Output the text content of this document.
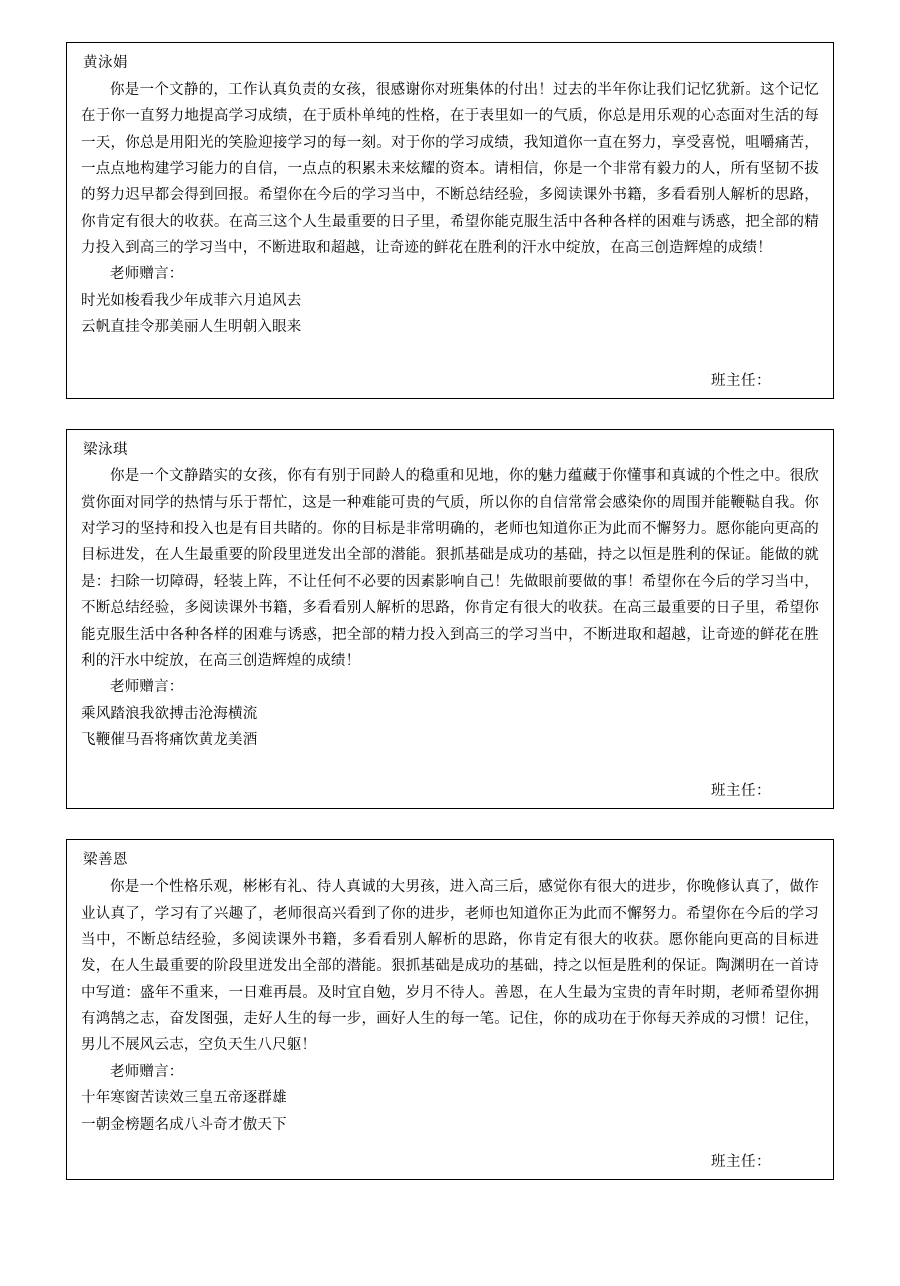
黄泳娟

你是一个文静的，工作认真负责的女孩，很感谢你对班集体的付出！过去的半年你让我们记忆犹新。这个记忆在于你一直努力地提高学习成绩，在于质朴单纯的性格，在于表里如一的气质，你总是用乐观的心态面对生活的每一天，你总是用阳光的笑脸迎接学习的每一刻。对于你的学习成绩，我知道你一直在努力，享受喜悦，咀嚼痛苦，一点点地构建学习能力的自信，一点点的积累未来炫耀的资本。请相信，你是一个非常有毅力的人，所有坚韧不拔的努力迟早都会得到回报。希望你在今后的学习当中，不断总结经验，多阅读课外书籍，多看看别人解析的思路，你肯定有很大的收获。在高三这个人生最重要的日子里，希望你能克服生活中各种各样的困难与诱惑，把全部的精力投入到高三的学习当中，不断进取和超越，让奇迹的鲜花在胜利的汗水中绽放，在高三创造辉煌的成绩！

老师赠言：

时光如梭看我少年成菲六月追风去

云帆直挂令那美丽人生明朝入眼来

班主任：
梁泳琪

你是一个文静踏实的女孩，你有有别于同龄人的稳重和见地，你的魅力蕴藏于你懂事和真诚的个性之中。很欣赏你面对同学的热情与乐于帮忙，这是一种难能可贵的气质，所以你的自信常常会感染你的周围并能鞭鞑自我。你对学习的坚持和投入也是有目共睹的。你的目标是非常明确的，老师也知道你正为此而不懈努力。愿你能向更高的目标进发，在人生最重要的阶段里迸发出全部的潜能。狠抓基础是成功的基础，持之以恒是胜利的保证。能做的就是：扫除一切障碍，轻装上阵，不让任何不必要的因素影响自己！先做眼前要做的事！希望你在今后的学习当中，不断总结经验，多阅读课外书籍，多看看别人解析的思路，你肯定有很大的收获。在高三最重要的日子里，希望你能克服生活中各种各样的困难与诱惑，把全部的精力投入到高三的学习当中，不断进取和超越，让奇迹的鲜花在胜利的汗水中绽放，在高三创造辉煌的成绩！

老师赠言：

乘风踏浪我欲搏击沧海横流

飞鞭催马吾将痛饮黄龙美酒

班主任：
梁善恩

你是一个性格乐观，彬彬有礼、待人真诚的大男孩，进入高三后，感觉你有很大的进步，你晚修认真了，做作业认真了，学习有了兴趣了，老师很高兴看到了你的进步，老师也知道你正为此而不懈努力。希望你在今后的学习当中，不断总结经验，多阅读课外书籍，多看看别人解析的思路，你肯定有很大的收获。愿你能向更高的目标进发，在人生最重要的阶段里迸发出全部的潜能。狠抓基础是成功的基础，持之以恒是胜利的保证。陶渊明在一首诗中写道：盛年不重来，一日难再晨。及时宜自勉，岁月不待人。善恩，在人生最为宝贵的青年时期，老师希望你拥有鸿鹄之志，奋发图强，走好人生的每一步，画好人生的每一笔。记住，你的成功在于你每天养成的习惯！记住，男儿不展风云志，空负天生八尺躯！

老师赠言：

十年寒窗苦读效三皇五帝逐群雄

一朝金榜题名成八斗奇才傲天下

班主任：
